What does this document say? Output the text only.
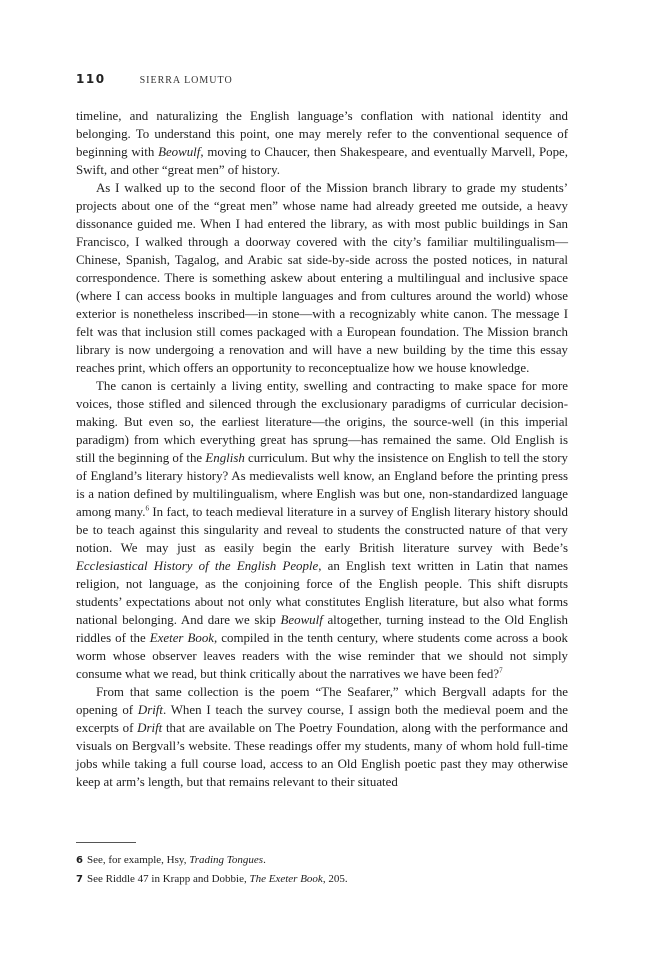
110	SIERRA LOMUTO

timeline, and naturalizing the English language’s conflation with national identity and belonging. To understand this point, one may merely refer to the conventional sequence of beginning with Beowulf, moving to Chaucer, then Shakespeare, and eventually Marvell, Pope, Swift, and other “great men” of history.

As I walked up to the second floor of the Mission branch library to grade my students’ projects about one of the “great men” whose name had already greeted me outside, a heavy dissonance guided me. When I had entered the library, as with most public buildings in San Francisco, I walked through a doorway covered with the city’s familiar multilingualism—Chinese, Spanish, Tagalog, and Arabic sat side-by-side across the posted notices, in natural correspondence. There is something askew about entering a multilingual and inclusive space (where I can access books in multiple languages and from cultures around the world) whose exterior is nonetheless inscribed—in stone—with a recognizably white canon. The message I felt was that inclusion still comes packaged with a European foundation. The Mission branch library is now undergoing a renovation and will have a new building by the time this essay reaches print, which offers an opportunity to reconceptualize how we house knowledge.

The canon is certainly a living entity, swelling and contracting to make space for more voices, those stifled and silenced through the exclusionary paradigms of curricular decision-making. But even so, the earliest literature—the origins, the source-well (in this imperial paradigm) from which everything great has sprung—has remained the same. Old English is still the beginning of the English curriculum. But why the insistence on English to tell the story of England’s literary history? As medievalists well know, an England before the printing press is a nation defined by multilingualism, where English was but one, non-standardized language among many.$^6$ In fact, to teach medieval literature in a survey of English literary history should be to teach against this singularity and reveal to students the constructed nature of that very notion. We may just as easily begin the early British literature survey with Bede’s Ecclesiastical History of the English People, an English text written in Latin that names religion, not language, as the conjoining force of the English people. This shift disrupts students’ expectations about not only what constitutes English literature, but also what forms national belonging. And dare we skip Beowulf altogether, turning instead to the Old English riddles of the Exeter Book, compiled in the tenth century, where students come across a book worm whose observer leaves readers with the wise reminder that we should not simply consume what we read, but think critically about the narratives we have been fed?$^7$

From that same collection is the poem “The Seafarer,” which Bergvall adapts for the opening of Drift. When I teach the survey course, I assign both the medieval poem and the excerpts of Drift that are available on The Poetry Foundation, along with the performance and visuals on Bergvall’s website. These readings offer my students, many of whom hold full-time jobs while taking a full course load, access to an Old English poetic past they may otherwise keep at arm’s length, but that remains relevant to their situated

6 See, for example, Hsy, Trading Tongues.
7 See Riddle 47 in Krapp and Dobbie, The Exeter Book, 205.
